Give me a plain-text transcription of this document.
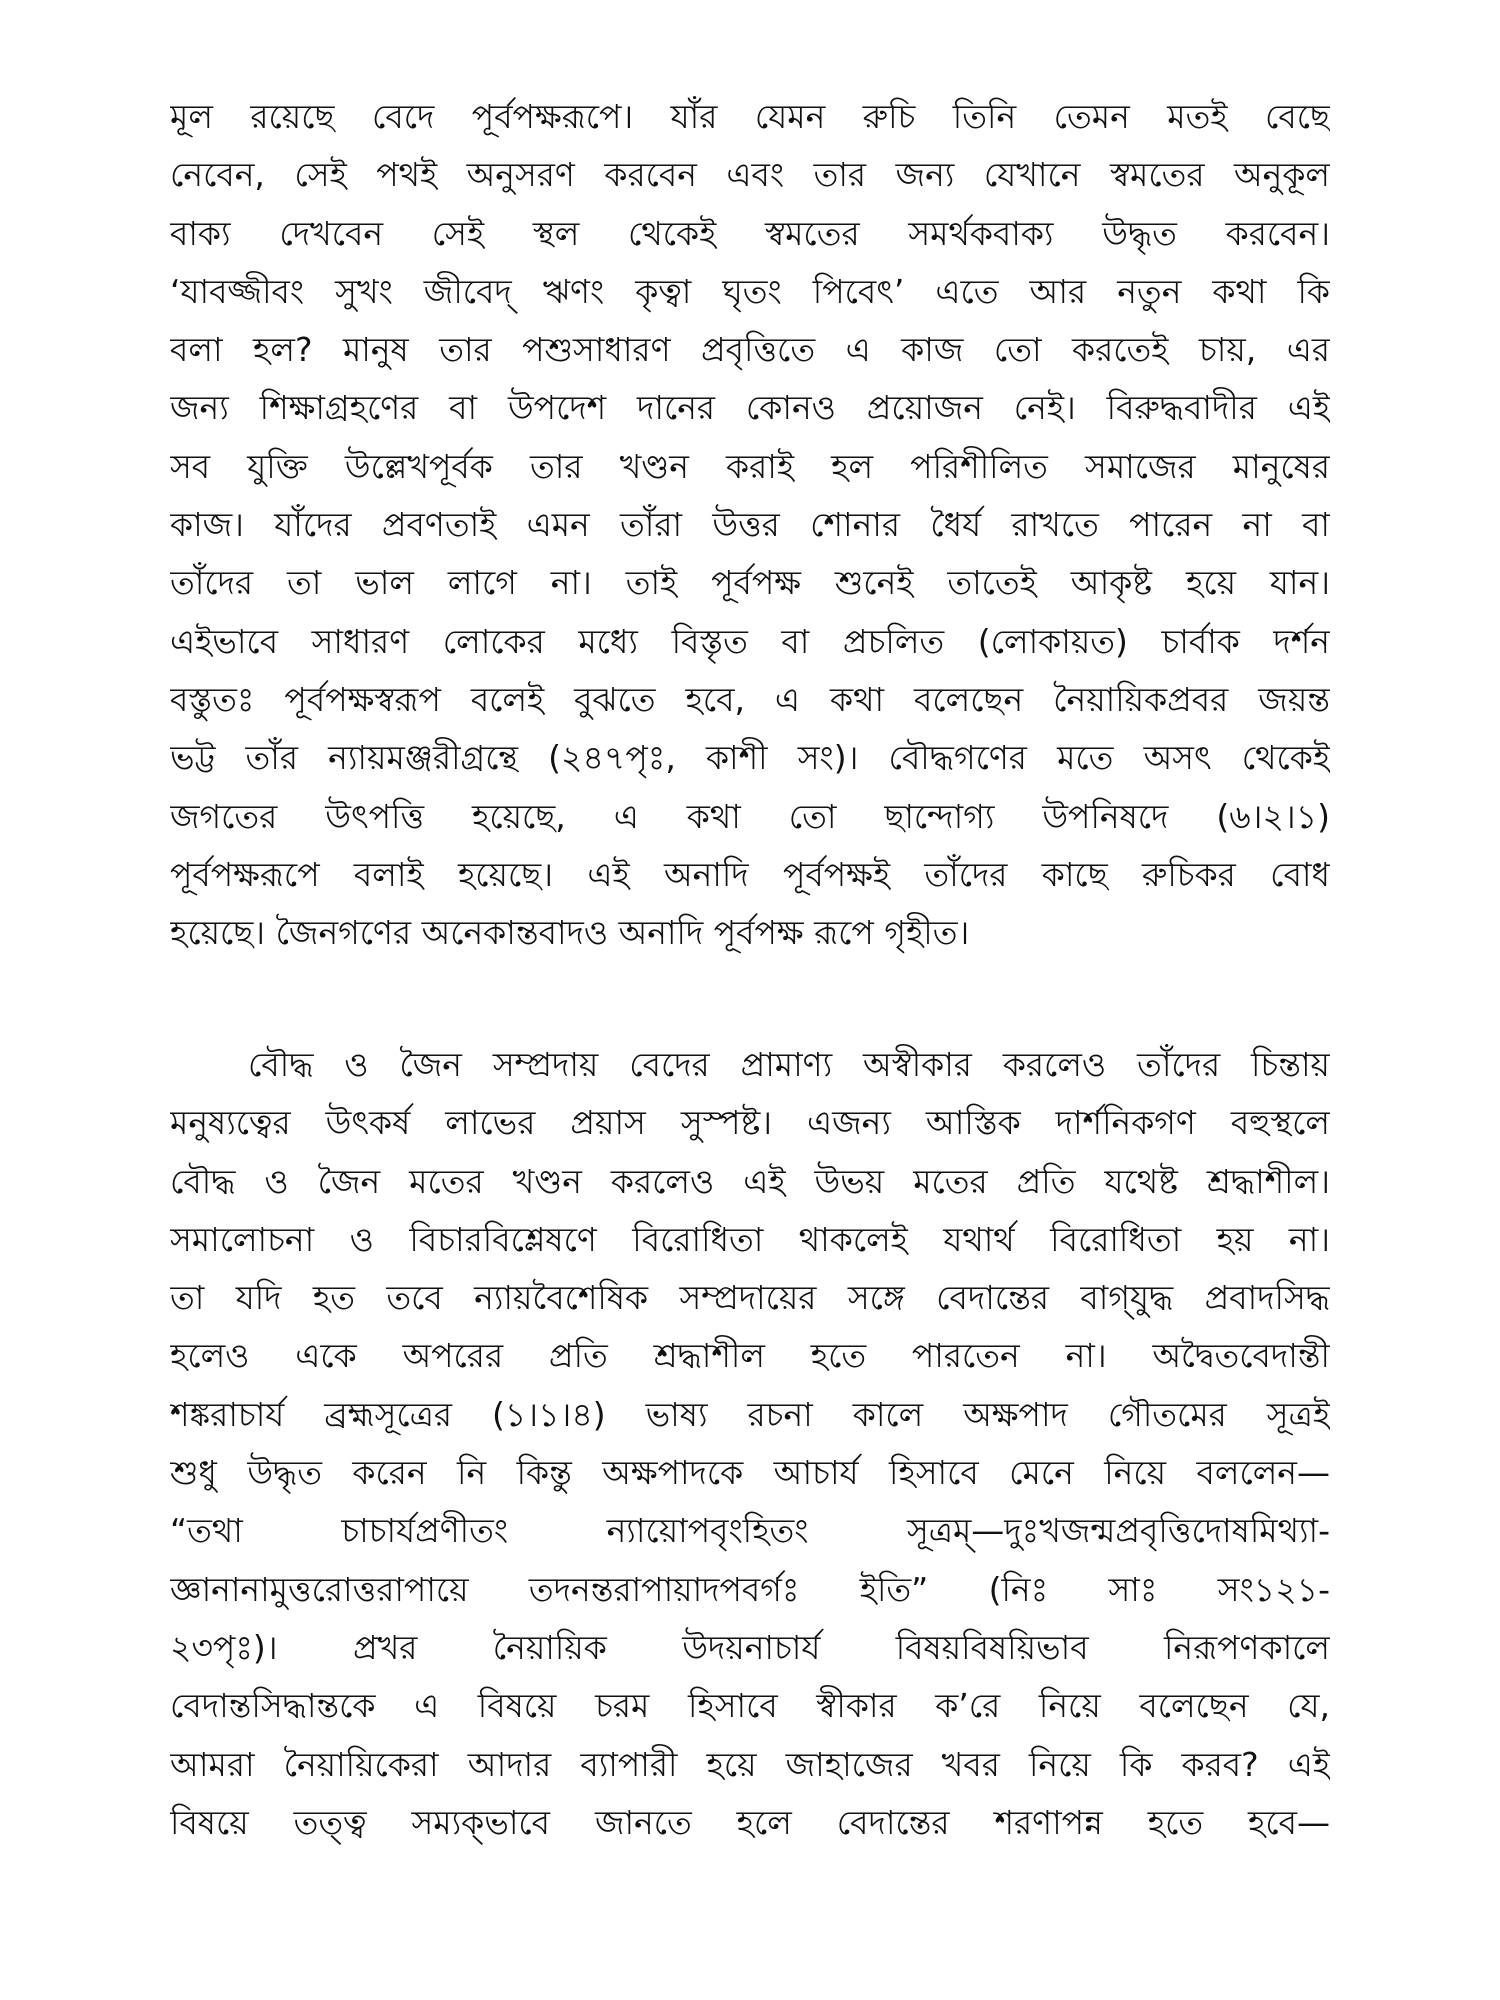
মূল রয়েছে বেদে পূর্বপক্ষরূপে। যাঁর যেমন রুচি তিনি তেমন মতই বেছে
নেবেন, সেই পথই অনুসরণ করবেন এবং তার জন্য যেখানে স্বমতের অনুকূল
বাক্য দেখবেন সেই স্থল থেকেই স্বমতের সমর্থকবাক্য উদ্ধৃত করবেন।
‘যাবজ্জীবং সুখং জীবেদ্ ঋণং কৃত্বা ঘৃতং পিবেৎ’ এতে আর নতুন কথা কি
বলা হল? মানুষ তার পশুসাধারণ প্রবৃত্তিতে এ কাজ তো করতেই চায়, এর
জন্য শিক্ষাগ্রহণের বা উপদেশ দানের কোনও প্রয়োজন নেই। বিরুদ্ধবাদীর এই
সব যুক্তি উল্লেখপূর্বক তার খণ্ডন করাই হল পরিশীলিত সমাজের মানুষের
কাজ। যাঁদের প্রবণতাই এমন তাঁরা উত্তর শোনার ধৈর্য রাখতে পারেন না বা
তাঁদের তা ভাল লাগে না। তাই পূর্বপক্ষ শুনেই তাতেই আকৃষ্ট হয়ে যান।
এইভাবে সাধারণ লোকের মধ্যে বিস্তৃত বা প্রচলিত (লোকায়ত) চার্বাক দর্শন
বস্তুতঃ পূর্বপক্ষস্বরূপ বলেই বুঝতে হবে, এ কথা বলেছেন নৈয়ায়িকপ্রবর জয়ন্ত
ভট্ট তাঁর ন্যায়মঞ্জরীগ্রন্থে (২৪৭পৃঃ, কাশী সং)। বৌদ্ধগণের মতে অসৎ থেকেই
জগতের উৎপত্তি হয়েছে, এ কথা তো ছান্দোগ্য উপনিষদে (৬।২।১)
পূর্বপক্ষরূপে বলাই হয়েছে। এই অনাদি পূর্বপক্ষই তাঁদের কাছে রুচিকর বোধ
হয়েছে। জৈনগণের অনেকান্তবাদও অনাদি পূর্বপক্ষ রূপে গৃহীত।
বৌদ্ধ ও জৈন সম্প্রদায় বেদের প্রামাণ্য অস্বীকার করলেও তাঁদের চিন্তায়
মনুষ্যত্বের উৎকর্ষ লাভের প্রয়াস সুস্পষ্ট। এজন্য আস্তিক দার্শনিকগণ বহুস্থলে
বৌদ্ধ ও জৈন মতের খণ্ডন করলেও এই উভয় মতের প্রতি যথেষ্ট শ্রদ্ধাশীল।
সমালোচনা ও বিচারবিশ্লেষণে বিরোধিতা থাকলেই যথার্থ বিরোধিতা হয় না।
তা যদি হত তবে ন্যায়বৈশেষিক সম্প্রদায়ের সঙ্গে বেদান্তের বাগ্‌যুদ্ধ প্রবাদসিদ্ধ
হলেও একে অপরের প্রতি শ্রদ্ধাশীল হতে পারতেন না। অদ্বৈতবেদান্তী
শঙ্করাচার্য ব্রহ্মসূত্রের (১।১।৪) ভাষ্য রচনা কালে অক্ষপাদ গৌতমের সূত্রই
শুধু উদ্ধৃত করেন নি কিন্তু অক্ষপাদকে আচার্য হিসাবে মেনে নিয়ে বললেন—
“তথা চাচার্যপ্রণীতং ন্যায়োপবৃংহিতং সূত্রম্—দুঃখজন্মপ্রবৃত্তিদোষমিথ্যা-
জ্ঞানানামুত্তরোত্তরাপায়ে তদনন্তরাপায়াদপবর্গঃ ইতি” (নিঃ সাঃ সং১২১-
২৩পৃঃ)। প্রখর নৈয়ায়িক উদয়নাচার্য বিষয়বিষয়িভাব নিরূপণকালে
বেদান্তসিদ্ধান্তকে এ বিষয়ে চরম হিসাবে স্বীকার ক’রে নিয়ে বলেছেন যে,
আমরা নৈয়ায়িকেরা আদার ব্যাপারী হয়ে জাহাজের খবর নিয়ে কি করব? এই
বিষয়ে তত্ত্ব সম্যক্‌ভাবে জানতে হলে বেদান্তের শরণাপন্ন হতে হবে—
